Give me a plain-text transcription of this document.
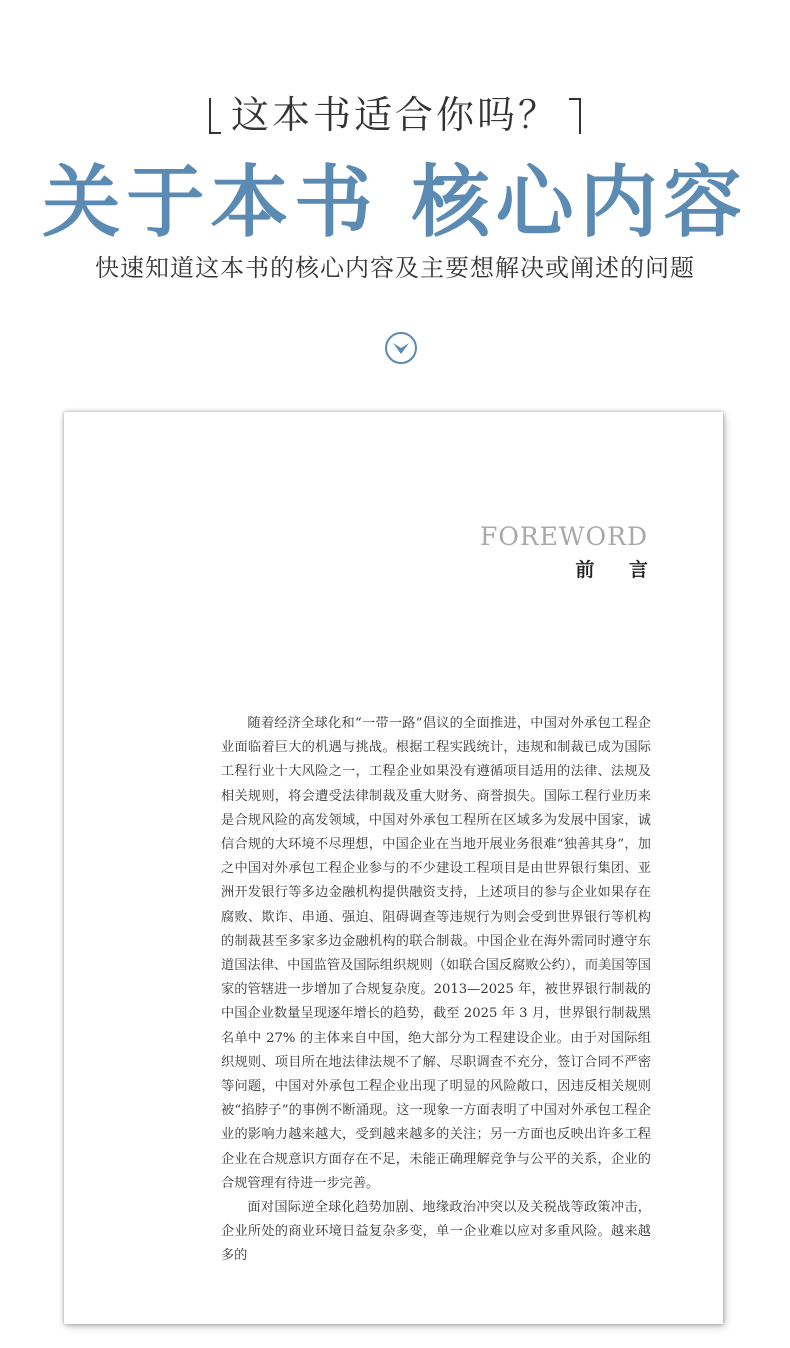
这本书适合你吗？
关于本书 核心内容
快速知道这本书的核心内容及主要想解决或阐述的问题
FOREWORD
前 言

随着经济全球化和“一带一路”倡议的全面推进，中国对外承包工程企业面临着巨大的机遇与挑战。根据工程实践统计，违规和制裁已成为国际工程行业十大风险之一，工程企业如果没有遵循项目适用的法律、法规及相关规则，将会遭受法律制裁及重大财务、商誉损失。国际工程行业历来是合规风险的高发领域，中国对外承包工程所在区域多为发展中国家，诚信合规的大环境不尽理想，中国企业在当地开展业务很难“独善其身”，加之中国对外承包工程企业参与的不少建设工程项目是由世界银行集团、亚洲开发银行等多边金融机构提供融资支持，上述项目的参与企业如果存在腐败、欺诈、串通、强迫、阻碍调查等违规行为则会受到世界银行等机构的制裁甚至多家多边金融机构的联合制裁。中国企业在海外需同时遵守东道国法律、中国监管及国际组织规则（如联合国反腐败公约），而美国等国家的管辖进一步增加了合规复杂度。2013—2025 年，被世界银行制裁的中国企业数量呈现逐年增长的趋势，截至 2025 年 3 月，世界银行制裁黑名单中 27% 的主体来自中国，绝大部分为工程建设企业。由于对国际组织规则、项目所在地法律法规不了解、尽职调查不充分，签订合同不严密等问题，中国对外承包工程企业出现了明显的风险敞口，因违反相关规则被“掐脖子”的事例不断涌现。这一现象一方面表明了中国对外承包工程企业的影响力越来越大，受到越来越多的关注；另一方面也反映出许多工程企业在合规意识方面存在不足，未能正确理解竞争与公平的关系，企业的合规管理有待进一步完善。

面对国际逆全球化趋势加剧、地缘政治冲突以及关税战等政策冲击，企业所处的商业环境日益复杂多变，单一企业难以应对多重风险。越来越多的
